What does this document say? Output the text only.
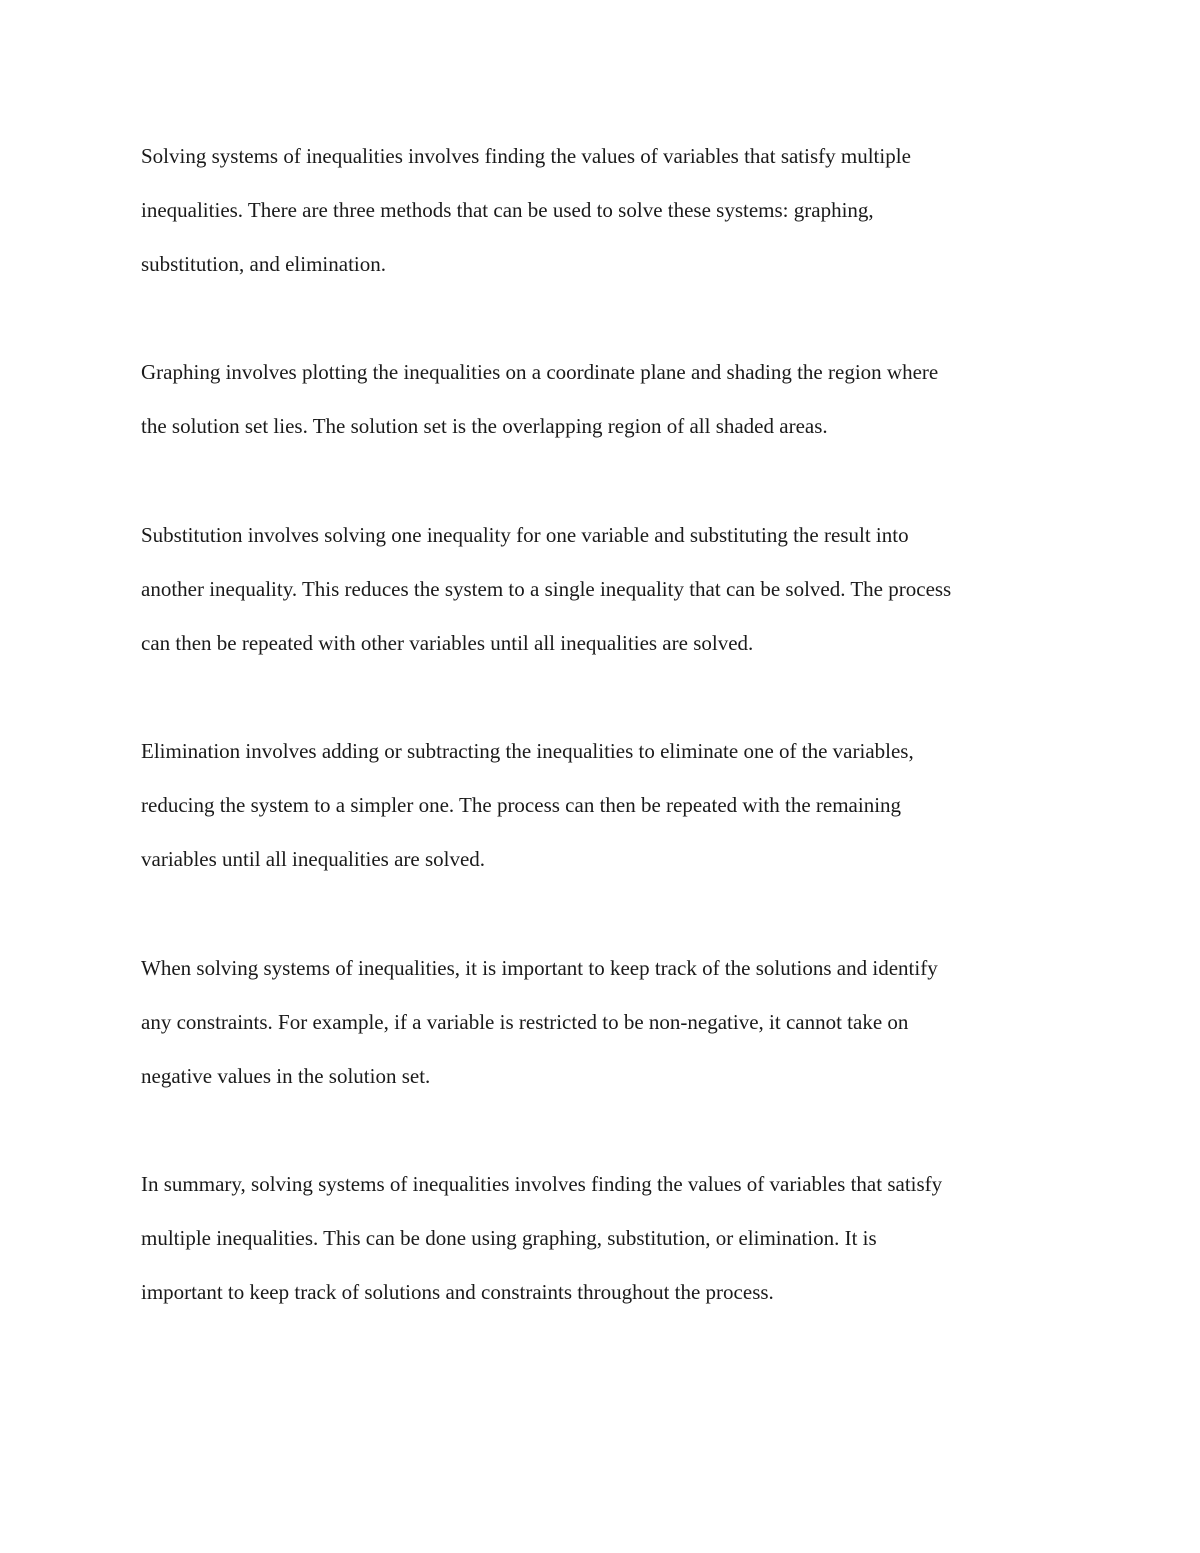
Solving systems of inequalities involves finding the values of variables that satisfy multiple
inequalities. There are three methods that can be used to solve these systems: graphing,
substitution, and elimination.

Graphing involves plotting the inequalities on a coordinate plane and shading the region where
the solution set lies. The solution set is the overlapping region of all shaded areas.

Substitution involves solving one inequality for one variable and substituting the result into
another inequality. This reduces the system to a single inequality that can be solved. The process
can then be repeated with other variables until all inequalities are solved.

Elimination involves adding or subtracting the inequalities to eliminate one of the variables,
reducing the system to a simpler one. The process can then be repeated with the remaining
variables until all inequalities are solved.

When solving systems of inequalities, it is important to keep track of the solutions and identify
any constraints. For example, if a variable is restricted to be non-negative, it cannot take on
negative values in the solution set.

In summary, solving systems of inequalities involves finding the values of variables that satisfy
multiple inequalities. This can be done using graphing, substitution, or elimination. It is
important to keep track of solutions and constraints throughout the process.
